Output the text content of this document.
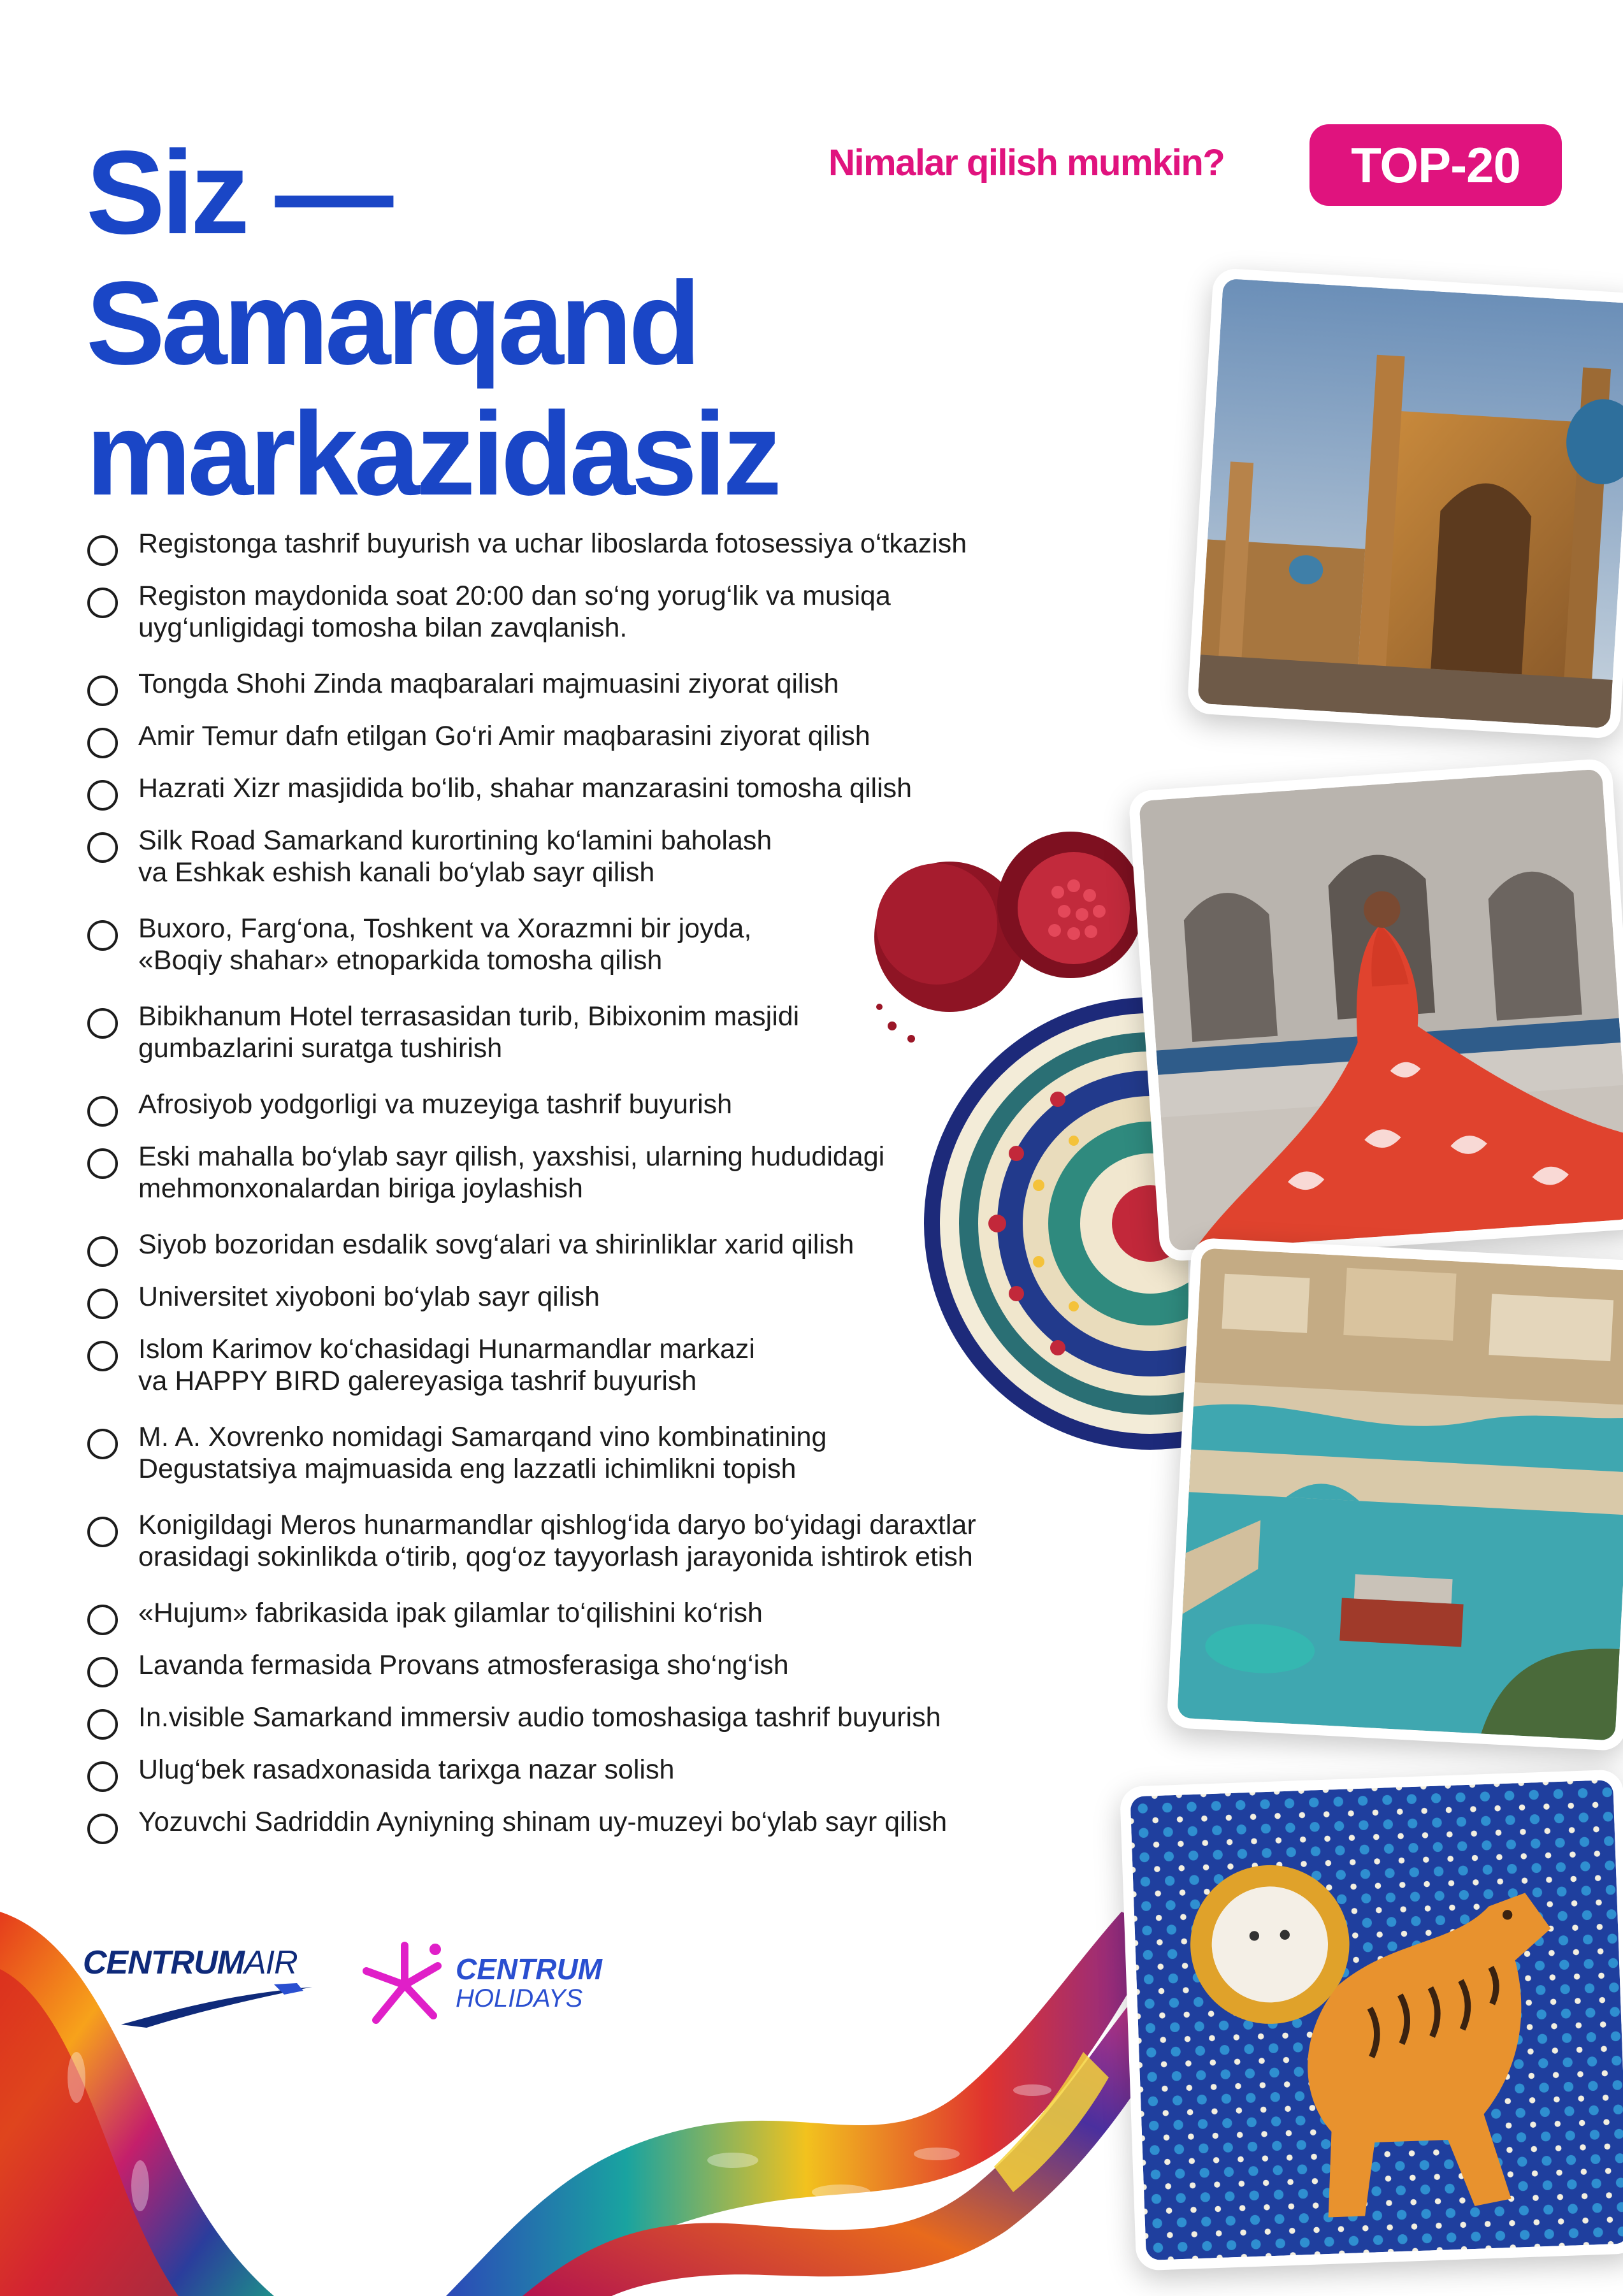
Siz —
Samarqand
markazidasiz
Nimalar qilish mumkin?	TOP-20
Registonga tashrif buyurish va uchar liboslarda fotosessiya o‘tkazish
Registon maydonida soat 20:00 dan so‘ng yorug‘lik va musiqa
uyg‘unligidagi tomosha bilan zavqlanish.
Tongda Shohi Zinda maqbaralari majmuasini ziyorat qilish
Amir Temur dafn etilgan Go‘ri Amir maqbarasini ziyorat qilish
Hazrati Xizr masjidida bo‘lib, shahar manzarasini tomosha qilish
Silk Road Samarkand kurortining ko‘lamini baholash
va Eshkak eshish kanali bo‘ylab sayr qilish
Buxoro, Farg‘ona, Toshkent va Xorazmni bir joyda,
«Boqiy shahar» etnoparkida tomosha qilish
Bibikhanum Hotel terrasasidan turib, Bibixonim masjidi
gumbazlarini suratga tushirish
Afrosiyob yodgorligi va muzeyiga tashrif buyurish
Eski mahalla bo‘ylab sayr qilish, yaxshisi, ularning hududidagi
mehmonxonalardan biriga joylashish
Siyob bozoridan esdalik sovg‘alari va shirinliklar xarid qilish
Universitet xiyoboni bo‘ylab sayr qilish
Islom Karimov ko‘chasidagi Hunarmandlar markazi
va HAPPY BIRD galereyasiga tashrif buyurish
M. A. Xovrenko nomidagi Samarqand vino kombinatining
Degustatsiya majmuasida eng lazzatli ichimlikni topish
Konigildagi Meros hunarmandlar qishlog‘ida daryo bo‘yidagi daraxtlar
orasidagi sokinlikda o‘tirib, qog‘oz tayyorlash jarayonida ishtirok etish
«Hujum» fabrikasida ipak gilamlar to‘qilishini ko‘rish
Lavanda fermasida Provans atmosferasiga sho‘ng‘ish
In.visible Samarkand immersiv audio tomoshasiga tashrif buyurish
Ulug‘bek rasadxonasida tarixga nazar solish
Yozuvchi Sadriddin Ayniyning shinam uy-muzeyi bo‘ylab sayr qilish
CENTRUMAIR	CENTRUM
HOLIDAYS
